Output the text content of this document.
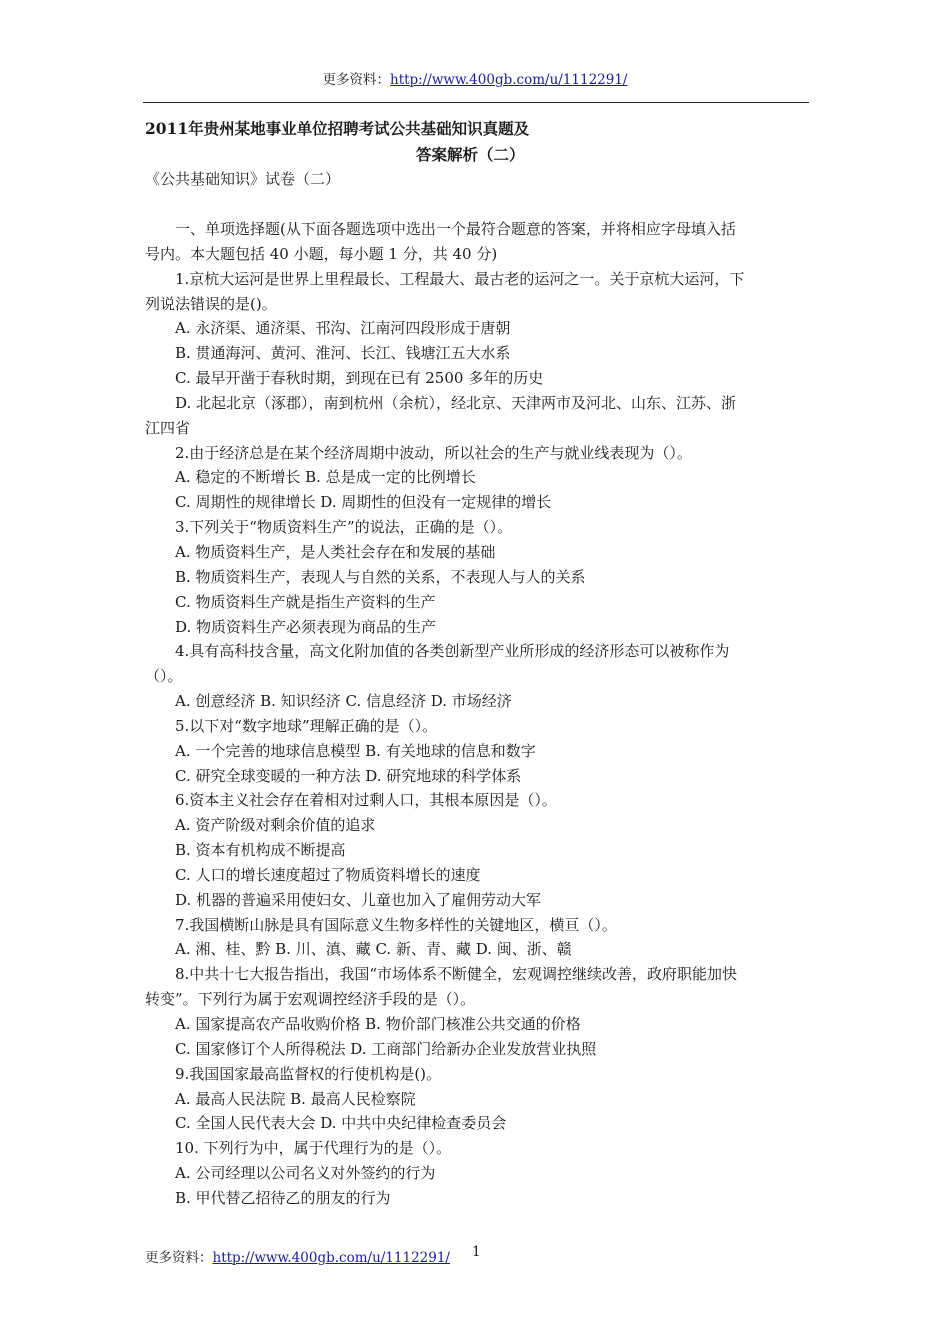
更多资料：http://www.400gb.com/u/1112291/
2011年贵州某地事业单位招聘考试公共基础知识真题及
答案解析（二）
《公共基础知识》试卷（二）
一、单项选择题(从下面各题选项中选出一个最符合题意的答案，并将相应字母填入括
号内。本大题包括 40 小题，每小题 1 分，共 40 分)
1.京杭大运河是世界上里程最长、工程最大、最古老的运河之一。关于京杭大运河，下
列说法错误的是()。
A. 永济渠、通济渠、邗沟、江南河四段形成于唐朝
B. 贯通海河、黄河、淮河、长江、钱塘江五大水系
C. 最早开凿于春秋时期，到现在已有 2500 多年的历史
D. 北起北京（涿郡），南到杭州（余杭），经北京、天津两市及河北、山东、江苏、浙
江四省
2.由于经济总是在某个经济周期中波动，所以社会的生产与就业线表现为（）。
A. 稳定的不断增长 B. 总是成一定的比例增长
C. 周期性的规律增长 D. 周期性的但没有一定规律的增长
3.下列关于“物质资料生产”的说法，正确的是（）。
A. 物质资料生产，是人类社会存在和发展的基础
B. 物质资料生产，表现人与自然的关系，不表现人与人的关系
C. 物质资料生产就是指生产资料的生产
D. 物质资料生产必须表现为商品的生产
4.具有高科技含量，高文化附加值的各类创新型产业所形成的经济形态可以被称作为
（）。
A. 创意经济 B. 知识经济 C. 信息经济 D. 市场经济
5.以下对“数字地球”理解正确的是（）。
A. 一个完善的地球信息模型 B. 有关地球的信息和数字
C. 研究全球变暖的一种方法 D. 研究地球的科学体系
6.资本主义社会存在着相对过剩人口，其根本原因是（）。
A. 资产阶级对剩余价值的追求
B. 资本有机构成不断提高
C. 人口的增长速度超过了物质资料增长的速度
D. 机器的普遍采用使妇女、儿童也加入了雇佣劳动大军
7.我国横断山脉是具有国际意义生物多样性的关键地区，横亘（）。
A. 湘、桂、黔 B. 川、滇、藏 C. 新、青、藏 D. 闽、浙、赣
8.中共十七大报告指出，我国“市场体系不断健全，宏观调控继续改善，政府职能加快
转变”。下列行为属于宏观调控经济手段的是（）。
A. 国家提高农产品收购价格 B. 物价部门核准公共交通的价格
C. 国家修订个人所得税法 D. 工商部门给新办企业发放营业执照
9.我国国家最高监督权的行使机构是()。
A. 最高人民法院 B. 最高人民检察院
C. 全国人民代表大会 D. 中共中央纪律检查委员会
10. 下列行为中，属于代理行为的是（）。
A. 公司经理以公司名义对外签约的行为
B. 甲代替乙招待乙的朋友的行为
更多资料：http://www.400gb.com/u/1112291/ 1
